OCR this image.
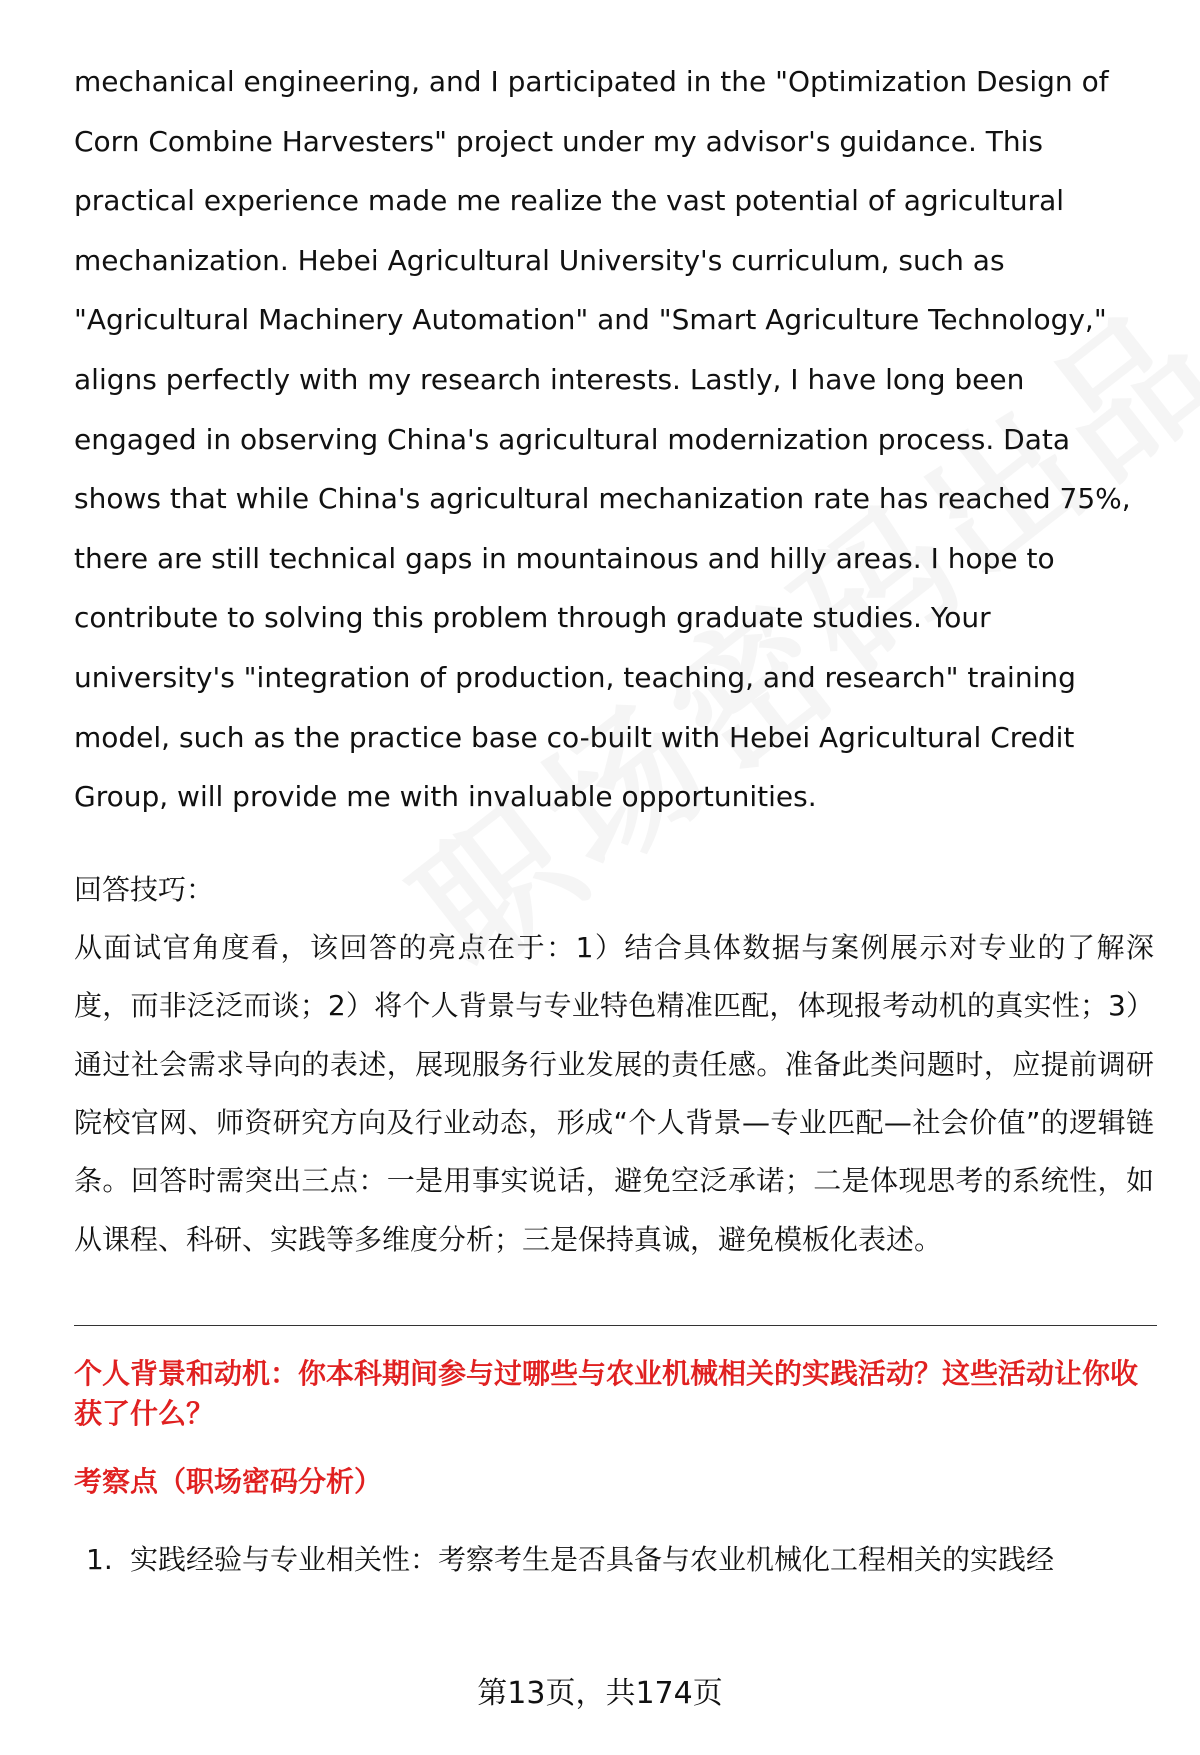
mechanical engineering, and I participated in the "Optimization Design of Corn Combine Harvesters" project under my advisor's guidance. This practical experience made me realize the vast potential of agricultural mechanization. Hebei Agricultural University's curriculum, such as "Agricultural Machinery Automation" and "Smart Agriculture Technology," aligns perfectly with my research interests. Lastly, I have long been engaged in observing China's agricultural modernization process. Data shows that while China's agricultural mechanization rate has reached 75%, there are still technical gaps in mountainous and hilly areas. I hope to contribute to solving this problem through graduate studies. Your university's "integration of production, teaching, and research" training model, such as the practice base co-built with Hebei Agricultural Credit Group, will provide me with invaluable opportunities.

回答技巧：

从面试官角度看，该回答的亮点在于：1）结合具体数据与案例展示对专业的了解深度，而非泛泛而谈；2）将个人背景与专业特色精准匹配，体现报考动机的真实性；3）通过社会需求导向的表述，展现服务行业发展的责任感。准备此类问题时，应提前调研院校官网、师资研究方向及行业动态，形成“个人背景—专业匹配—社会价值”的逻辑链条。回答时需突出三点：一是用事实说话，避免空泛承诺；二是体现思考的系统性，如从课程、科研、实践等多维度分析；三是保持真诚，避免模板化表述。

个人背景和动机：你本科期间参与过哪些与农业机械相关的实践活动？这些活动让你收获了什么？

考察点（职场密码分析）

1. 实践经验与专业相关性：考察考生是否具备与农业机械化工程相关的实践经
第13页，共174页
